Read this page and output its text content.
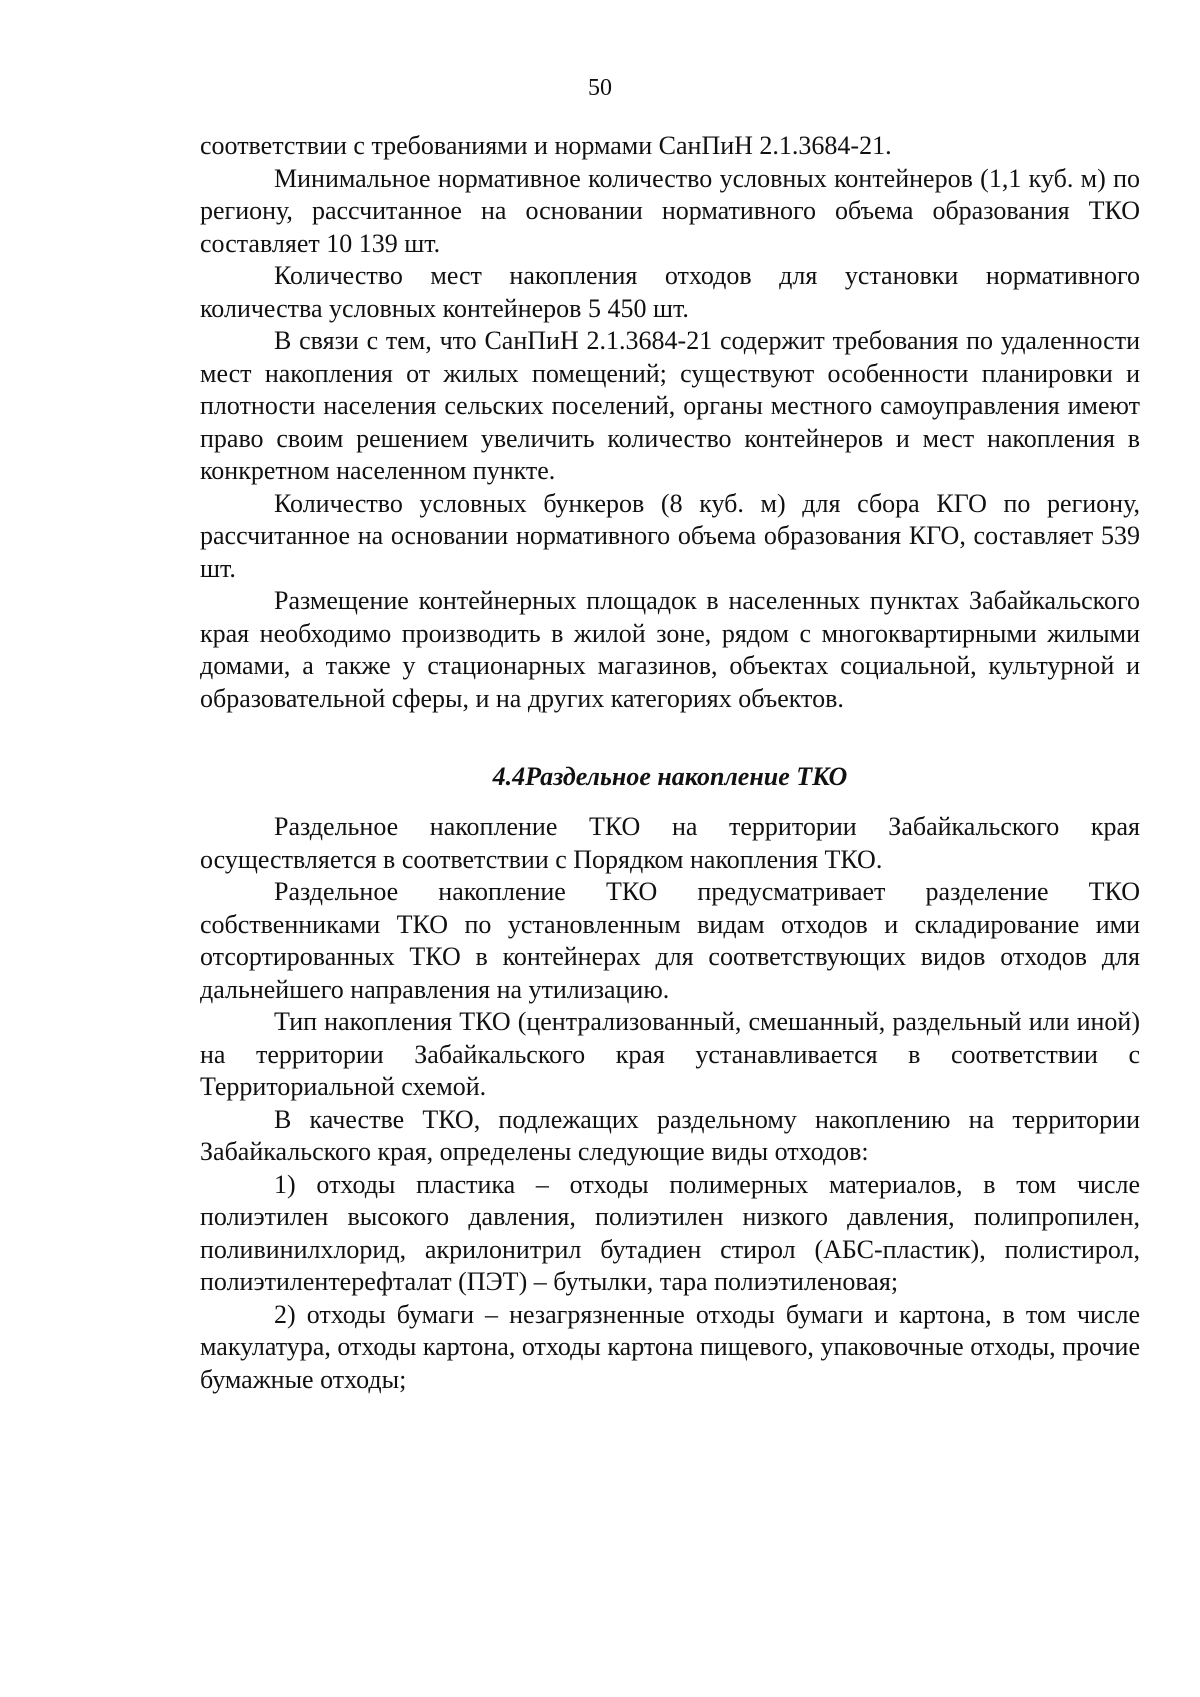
50

соответствии с требованиями и нормами СанПиН 2.1.3684-21.

Минимальное нормативное количество условных контейнеров (1,1 куб. м) по региону, рассчитанное на основании нормативного объема образования ТКО составляет 10 139 шт.

Количество мест накопления отходов для установки нормативного количества условных контейнеров 5 450 шт.

В связи с тем, что СанПиН 2.1.3684-21 содержит требования по удаленности мест накопления от жилых помещений; существуют особенности планировки и плотности населения сельских поселений, органы местного самоуправления имеют право своим решением увеличить количество контейнеров и мест накопления в конкретном населенном пункте.

Количество условных бункеров (8 куб. м) для сбора КГО по региону, рассчитанное на основании нормативного объема образования КГО, составляет 539 шт.

Размещение контейнерных площадок в населенных пунктах Забайкальского края необходимо производить в жилой зоне, рядом с многоквартирными жилыми домами, а также у стационарных магазинов, объектах социальной, культурной и образовательной сферы, и на других категориях объектов.

4.4Раздельное накопление ТКО

Раздельное накопление ТКО на территории Забайкальского края осуществляется в соответствии с Порядком накопления ТКО.

Раздельное накопление ТКО предусматривает разделение ТКО собственниками ТКО по установленным видам отходов и складирование ими отсортированных ТКО в контейнерах для соответствующих видов отходов для дальнейшего направления на утилизацию.

Тип накопления ТКО (централизованный, смешанный, раздельный или иной) на территории Забайкальского края устанавливается в соответствии с Территориальной схемой.

В качестве ТКО, подлежащих раздельному накоплению на территории Забайкальского края, определены следующие виды отходов:

1) отходы пластика – отходы полимерных материалов, в том числе полиэтилен высокого давления, полиэтилен низкого давления, полипропилен, поливинилхлорид, акрилонитрил бутадиен стирол (АБС-пластик), полистирол, полиэтилентерефталат (ПЭТ) – бутылки, тара полиэтиленовая;

2) отходы бумаги – незагрязненные отходы бумаги и картона, в том числе макулатура, отходы картона, отходы картона пищевого, упаковочные отходы, прочие бумажные отходы;
